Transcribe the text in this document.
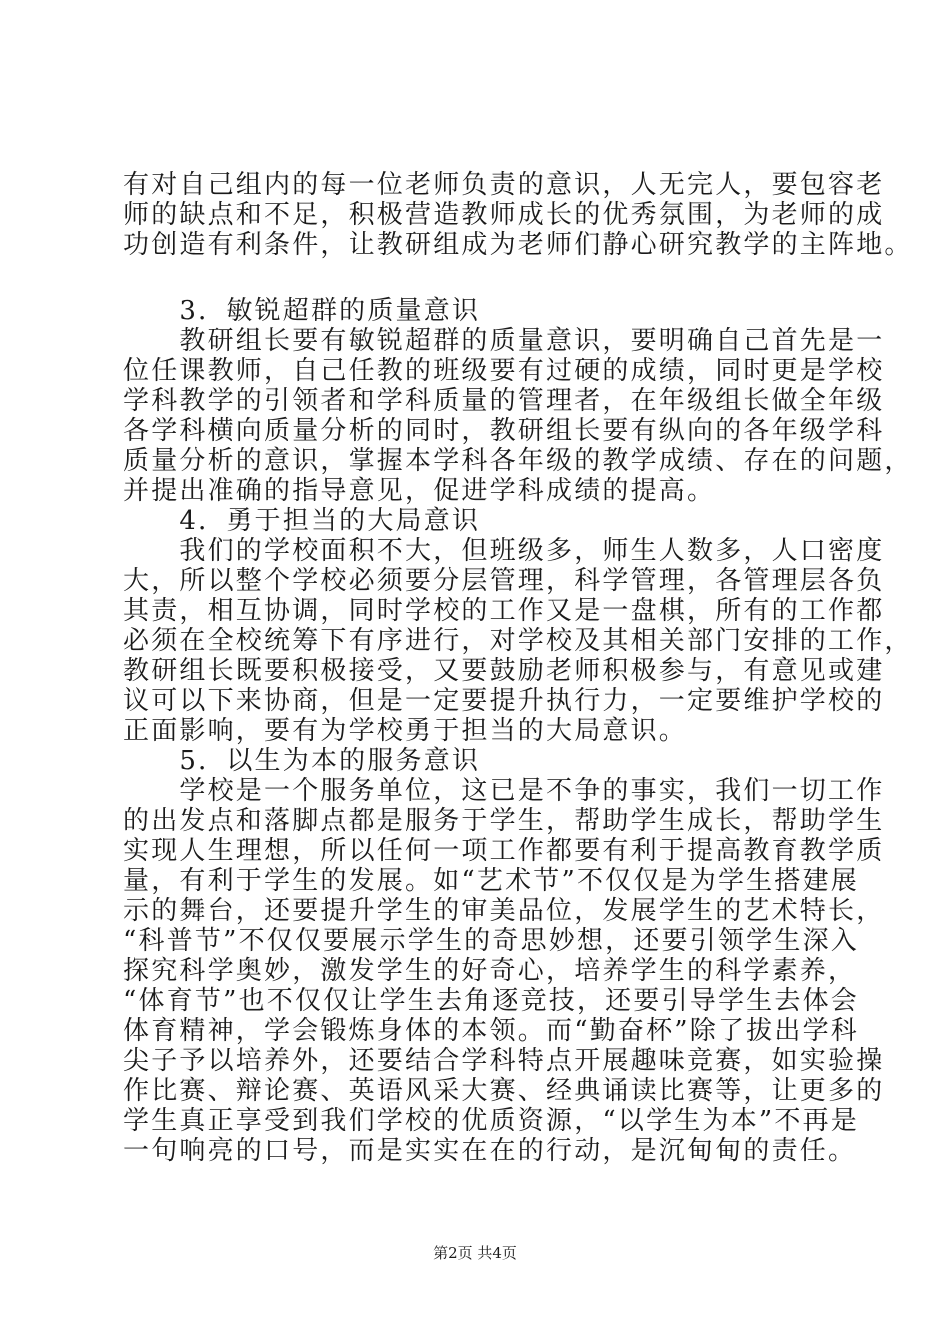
有对自己组内的每一位老师负责的意识，人无完人，要包容老
师的缺点和不足，积极营造教师成长的优秀氛围，为老师的成
功创造有利条件，让教研组成为老师们静心研究教学的主阵地。
　　3．敏锐超群的质量意识
　　教研组长要有敏锐超群的质量意识，要明确自己首先是一
位任课教师，自己任教的班级要有过硬的成绩，同时更是学校
学科教学的引领者和学科质量的管理者，在年级组长做全年级
各学科横向质量分析的同时，教研组长要有纵向的各年级学科
质量分析的意识，掌握本学科各年级的教学成绩、存在的问题，
并提出准确的指导意见，促进学科成绩的提高。
　　4．勇于担当的大局意识
　　我们的学校面积不大，但班级多，师生人数多，人口密度
大，所以整个学校必须要分层管理，科学管理，各管理层各负
其责，相互协调，同时学校的工作又是一盘棋，所有的工作都
必须在全校统筹下有序进行，对学校及其相关部门安排的工作，
教研组长既要积极接受，又要鼓励老师积极参与，有意见或建
议可以下来协商，但是一定要提升执行力，一定要维护学校的
正面影响，要有为学校勇于担当的大局意识。
　　5．以生为本的服务意识
　　学校是一个服务单位，这已是不争的事实，我们一切工作
的出发点和落脚点都是服务于学生，帮助学生成长，帮助学生
实现人生理想，所以任何一项工作都要有利于提高教育教学质
量，有利于学生的发展。如“艺术节”不仅仅是为学生搭建展
示的舞台，还要提升学生的审美品位，发展学生的艺术特长，
“科普节”不仅仅要展示学生的奇思妙想，还要引领学生深入
探究科学奥妙，激发学生的好奇心，培养学生的科学素养，
“体育节”也不仅仅让学生去角逐竞技，还要引导学生去体会
体育精神，学会锻炼身体的本领。而“勤奋杯”除了拔出学科
尖子予以培养外，还要结合学科特点开展趣味竞赛，如实验操
作比赛、辩论赛、英语风采大赛、经典诵读比赛等，让更多的
学生真正享受到我们学校的优质资源，“以学生为本”不再是
一句响亮的口号，而是实实在在的行动，是沉甸甸的责任。
第2页 共4页
